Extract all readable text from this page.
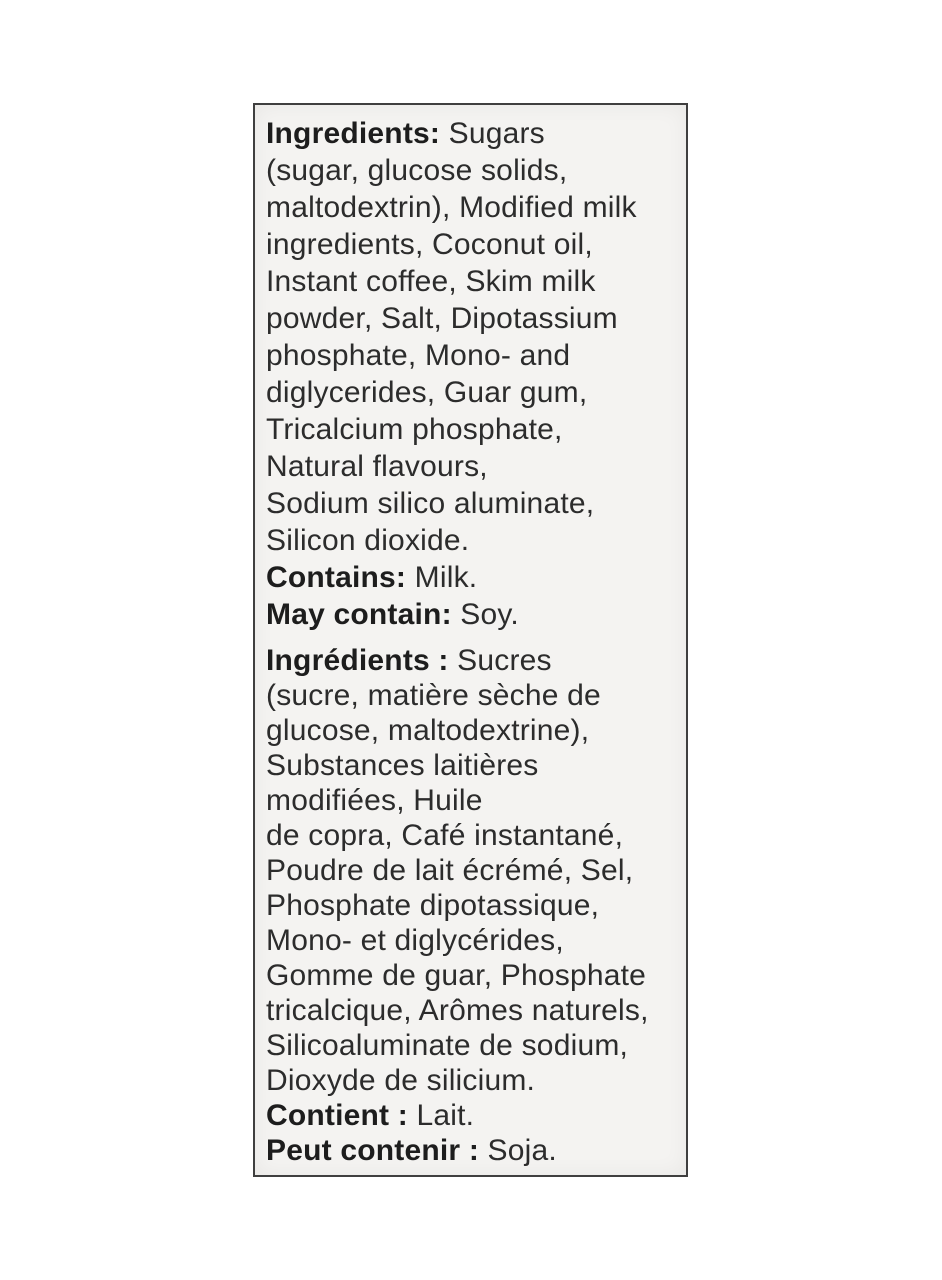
Ingredients: Sugars
(sugar, glucose solids,
maltodextrin), Modified milk
ingredients, Coconut oil,
Instant coffee, Skim milk
powder, Salt, Dipotassium
phosphate, Mono- and
diglycerides, Guar gum,
Tricalcium phosphate,
Natural flavours,
Sodium silico aluminate,
Silicon dioxide.
Contains: Milk.
May contain: Soy.
Ingrédients : Sucres
(sucre, matière sèche de
glucose, maltodextrine),
Substances laitières
modifiées, Huile
de copra, Café instantané,
Poudre de lait écrémé, Sel,
Phosphate dipotassique,
Mono- et diglycérides,
Gomme de guar, Phosphate
tricalcique, Arômes naturels,
Silicoaluminate de sodium,
Dioxyde de silicium.
Contient : Lait.
Peut contenir : Soja.
